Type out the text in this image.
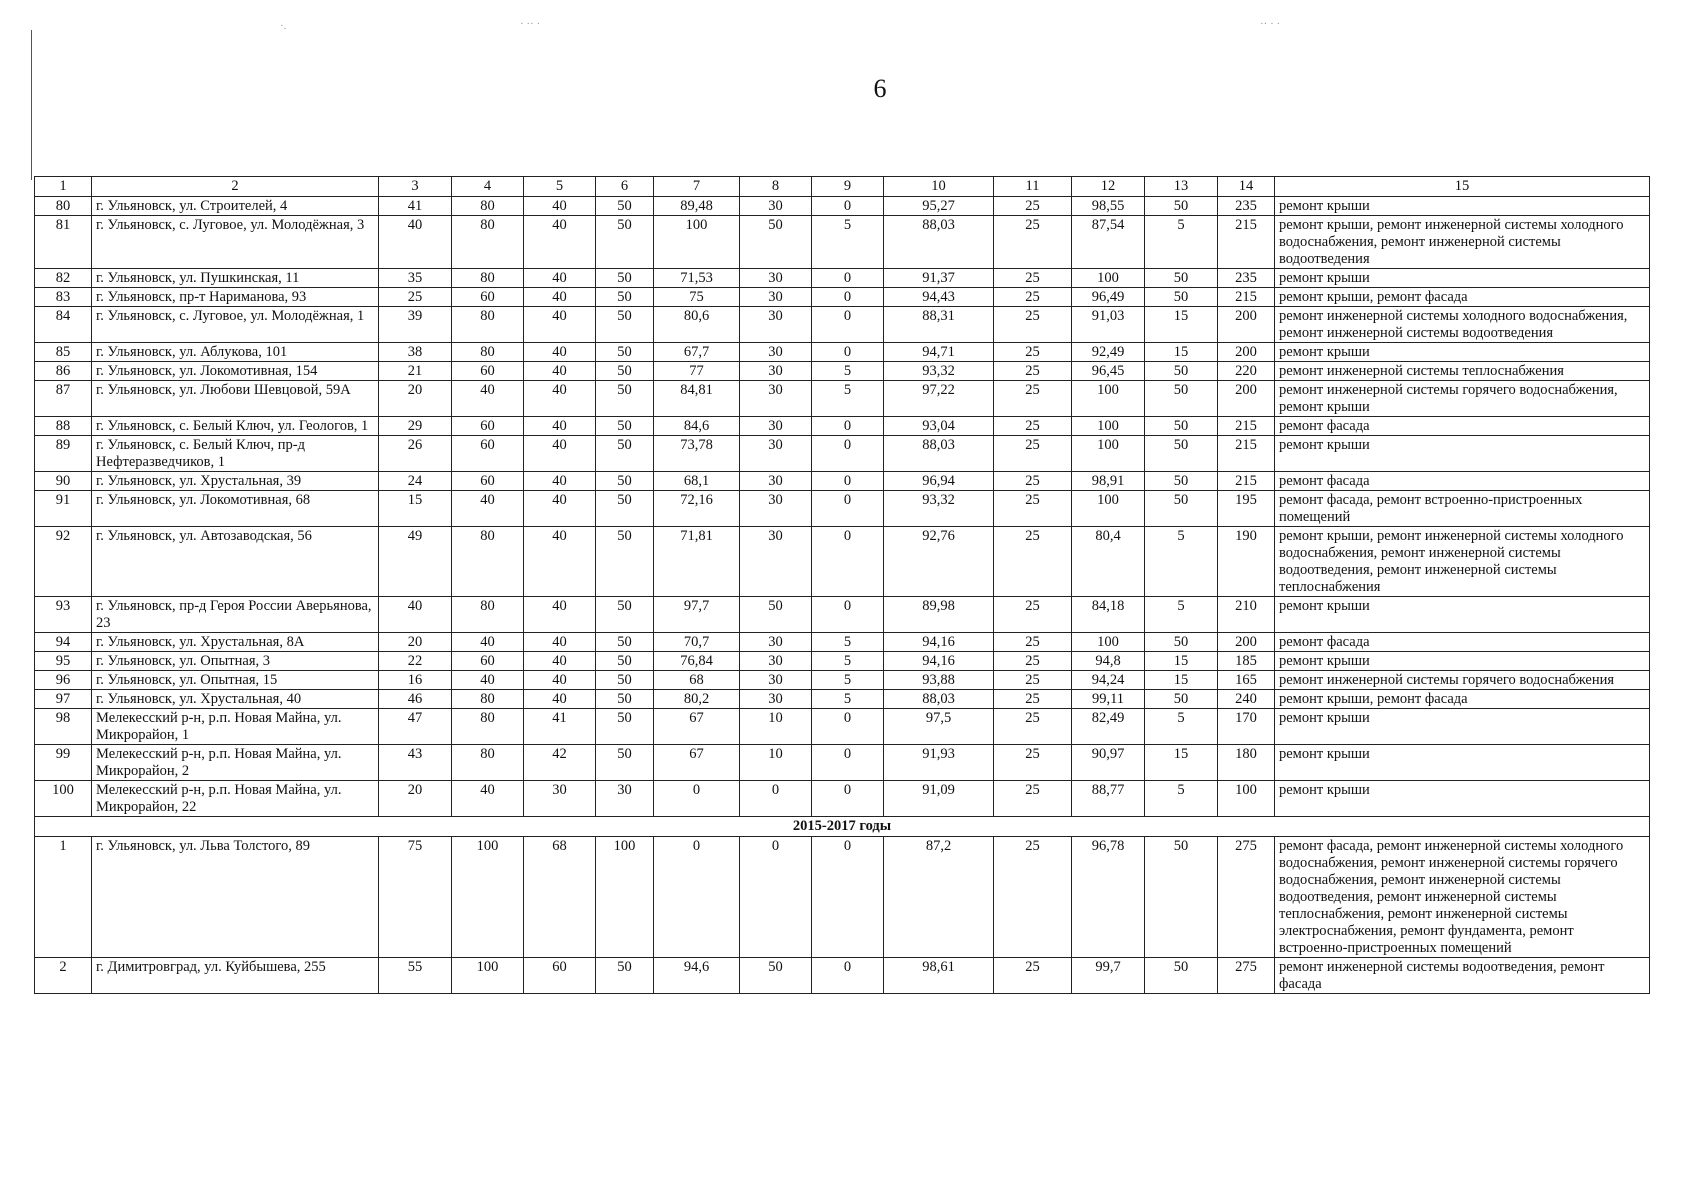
·.	· ·· ·	·· · ·
6
1	2	3	4	5	6	7	8	9	10	11	12	13	14	15
80	г. Ульяновск, ул. Строителей, 4	41	80	40	50	89,48	30	0	95,27	25	98,55	50	235	ремонт крыши
81	г. Ульяновск, с. Луговое, ул. Молодёжная, 3	40	80	40	50	100	50	5	88,03	25	87,54	5	215	ремонт крыши, ремонт инженерной системы холодного водоснабжения, ремонт инженерной системы водоотведения
82	г. Ульяновск, ул. Пушкинская, 11	35	80	40	50	71,53	30	0	91,37	25	100	50	235	ремонт крыши
83	г. Ульяновск, пр-т Нариманова, 93	25	60	40	50	75	30	0	94,43	25	96,49	50	215	ремонт крыши, ремонт фасада
84	г. Ульяновск, с. Луговое, ул. Молодёжная, 1	39	80	40	50	80,6	30	0	88,31	25	91,03	15	200	ремонт инженерной системы холодного водоснабжения, ремонт инженерной системы водоотведения
85	г. Ульяновск, ул. Аблукова, 101	38	80	40	50	67,7	30	0	94,71	25	92,49	15	200	ремонт крыши
86	г. Ульяновск, ул. Локомотивная, 154	21	60	40	50	77	30	5	93,32	25	96,45	50	220	ремонт инженерной системы теплоснабжения
87	г. Ульяновск, ул. Любови Шевцовой, 59А	20	40	40	50	84,81	30	5	97,22	25	100	50	200	ремонт инженерной системы горячего водоснабжения, ремонт крыши
88	г. Ульяновск, с. Белый Ключ, ул. Геологов, 1	29	60	40	50	84,6	30	0	93,04	25	100	50	215	ремонт фасада
89	г. Ульяновск, с. Белый Ключ, пр-д Нефтеразведчиков, 1	26	60	40	50	73,78	30	0	88,03	25	100	50	215	ремонт крыши
90	г. Ульяновск, ул. Хрустальная, 39	24	60	40	50	68,1	30	0	96,94	25	98,91	50	215	ремонт фасада
91	г. Ульяновск, ул. Локомотивная, 68	15	40	40	50	72,16	30	0	93,32	25	100	50	195	ремонт фасада, ремонт встроенно-пристроенных помещений
92	г. Ульяновск, ул. Автозаводская, 56	49	80	40	50	71,81	30	0	92,76	25	80,4	5	190	ремонт крыши, ремонт инженерной системы холодного водоснабжения, ремонт инженерной системы водоотведения, ремонт инженерной системы теплоснабжения
93	г. Ульяновск, пр-д Героя России Аверьянова, 23	40	80	40	50	97,7	50	0	89,98	25	84,18	5	210	ремонт крыши
94	г. Ульяновск, ул. Хрустальная, 8А	20	40	40	50	70,7	30	5	94,16	25	100	50	200	ремонт фасада
95	г. Ульяновск, ул. Опытная, 3	22	60	40	50	76,84	30	5	94,16	25	94,8	15	185	ремонт крыши
96	г. Ульяновск, ул. Опытная, 15	16	40	40	50	68	30	5	93,88	25	94,24	15	165	ремонт инженерной системы горячего водоснабжения
97	г. Ульяновск, ул. Хрустальная, 40	46	80	40	50	80,2	30	5	88,03	25	99,11	50	240	ремонт крыши, ремонт фасада
98	Мелекесский р-н, р.п. Новая Майна, ул. Микрорайон, 1	47	80	41	50	67	10	0	97,5	25	82,49	5	170	ремонт крыши
99	Мелекесский р-н, р.п. Новая Майна, ул. Микрорайон, 2	43	80	42	50	67	10	0	91,93	25	90,97	15	180	ремонт крыши
100	Мелекесский р-н, р.п. Новая Майна, ул. Микрорайон, 22	20	40	30	30	0	0	0	91,09	25	88,77	5	100	ремонт крыши
2015-2017 годы														
1	г. Ульяновск, ул. Льва Толстого, 89	75	100	68	100	0	0	0	87,2	25	96,78	50	275	ремонт фасада, ремонт инженерной системы холодного водоснабжения, ремонт инженерной системы горячего водоснабжения, ремонт инженерной системы водоотведения, ремонт инженерной системы теплоснабжения, ремонт инженерной системы электроснабжения, ремонт фундамента, ремонт встроенно-пристроенных помещений
2	г. Димитровград, ул. Куйбышева, 255	55	100	60	50	94,6	50	0	98,61	25	99,7	50	275	ремонт инженерной системы водоотведения, ремонт фасада
